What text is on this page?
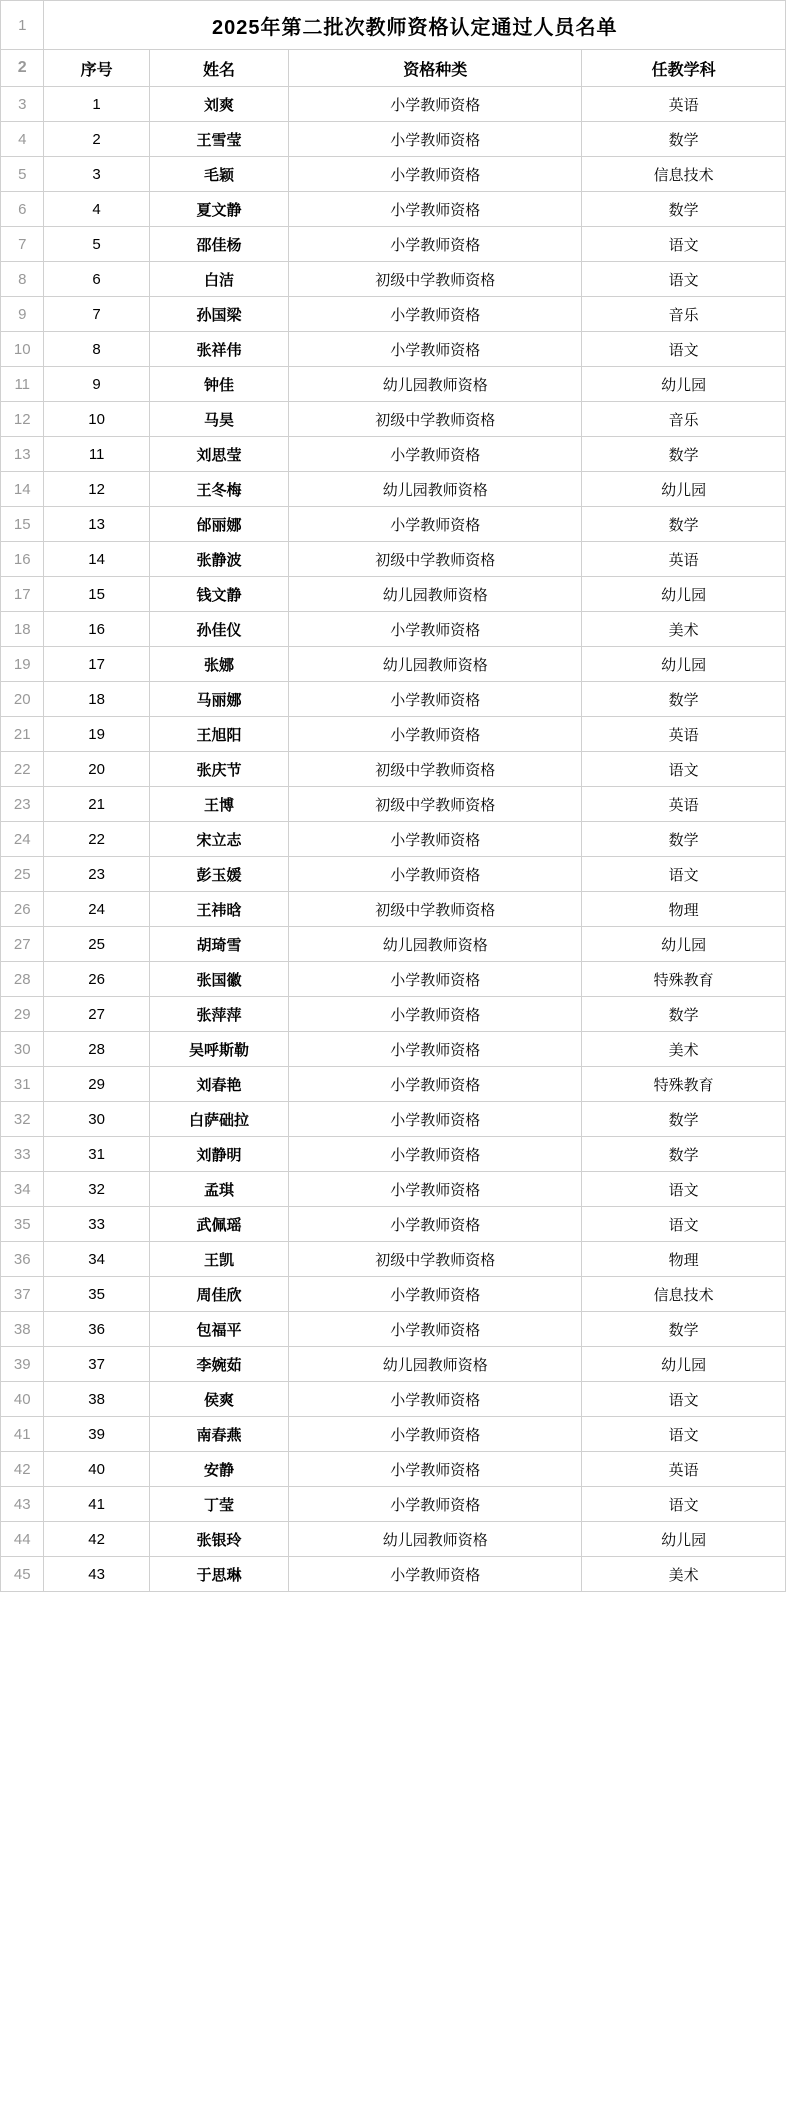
1	2025年第二批次教师资格认定通过人员名单			
2	序号	姓名	资格种类	任教学科
3	1	刘爽	小学教师资格	英语
4	2	王雪莹	小学教师资格	数学
5	3	毛颖	小学教师资格	信息技术
6	4	夏文静	小学教师资格	数学
7	5	邵佳杨	小学教师资格	语文
8	6	白洁	初级中学教师资格	语文
9	7	孙国梁	小学教师资格	音乐
10	8	张祥伟	小学教师资格	语文
11	9	钟佳	幼儿园教师资格	幼儿园
12	10	马昊	初级中学教师资格	音乐
13	11	刘思莹	小学教师资格	数学
14	12	王冬梅	幼儿园教师资格	幼儿园
15	13	邰丽娜	小学教师资格	数学
16	14	张静波	初级中学教师资格	英语
17	15	钱文静	幼儿园教师资格	幼儿园
18	16	孙佳仪	小学教师资格	美术
19	17	张娜	幼儿园教师资格	幼儿园
20	18	马丽娜	小学教师资格	数学
21	19	王旭阳	小学教师资格	英语
22	20	张庆节	初级中学教师资格	语文
23	21	王博	初级中学教师资格	英语
24	22	宋立志	小学教师资格	数学
25	23	彭玉媛	小学教师资格	语文
26	24	王祎晗	初级中学教师资格	物理
27	25	胡琦雪	幼儿园教师资格	幼儿园
28	26	张国徽	小学教师资格	特殊教育
29	27	张萍萍	小学教师资格	数学
30	28	吴呼斯勒	小学教师资格	美术
31	29	刘春艳	小学教师资格	特殊教育
32	30	白萨础拉	小学教师资格	数学
33	31	刘静明	小学教师资格	数学
34	32	孟琪	小学教师资格	语文
35	33	武佩瑶	小学教师资格	语文
36	34	王凯	初级中学教师资格	物理
37	35	周佳欣	小学教师资格	信息技术
38	36	包福平	小学教师资格	数学
39	37	李婉茹	幼儿园教师资格	幼儿园
40	38	侯爽	小学教师资格	语文
41	39	南春燕	小学教师资格	语文
42	40	安静	小学教师资格	英语
43	41	丁莹	小学教师资格	语文
44	42	张银玲	幼儿园教师资格	幼儿园
45	43	于思琳	小学教师资格	美术
